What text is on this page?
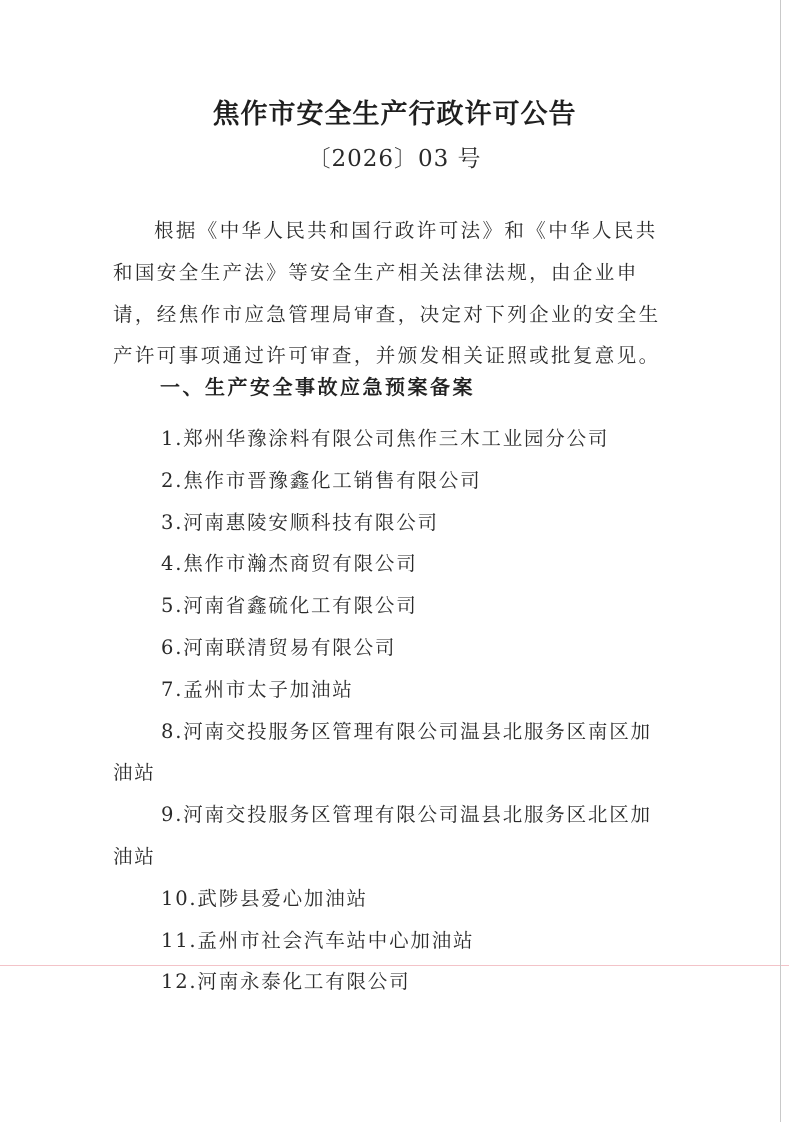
焦作市安全生产行政许可公告
〔2026〕03 号

根据《中华人民共和国行政许可法》和《中华人民共和国安全生产法》等安全生产相关法律法规，由企业申请，经焦作市应急管理局审查，决定对下列企业的安全生产许可事项通过许可审查，并颁发相关证照或批复意见。

一、生产安全事故应急预案备案
1.郑州华豫涂料有限公司焦作三木工业园分公司
2.焦作市晋豫鑫化工销售有限公司
3.河南惠陵安顺科技有限公司
4.焦作市瀚杰商贸有限公司
5.河南省鑫硫化工有限公司
6.河南联清贸易有限公司
7.孟州市太子加油站
8.河南交投服务区管理有限公司温县北服务区南区加油站
9.河南交投服务区管理有限公司温县北服务区北区加油站
10.武陟县爱心加油站
11.孟州市社会汽车站中心加油站
12.河南永泰化工有限公司
